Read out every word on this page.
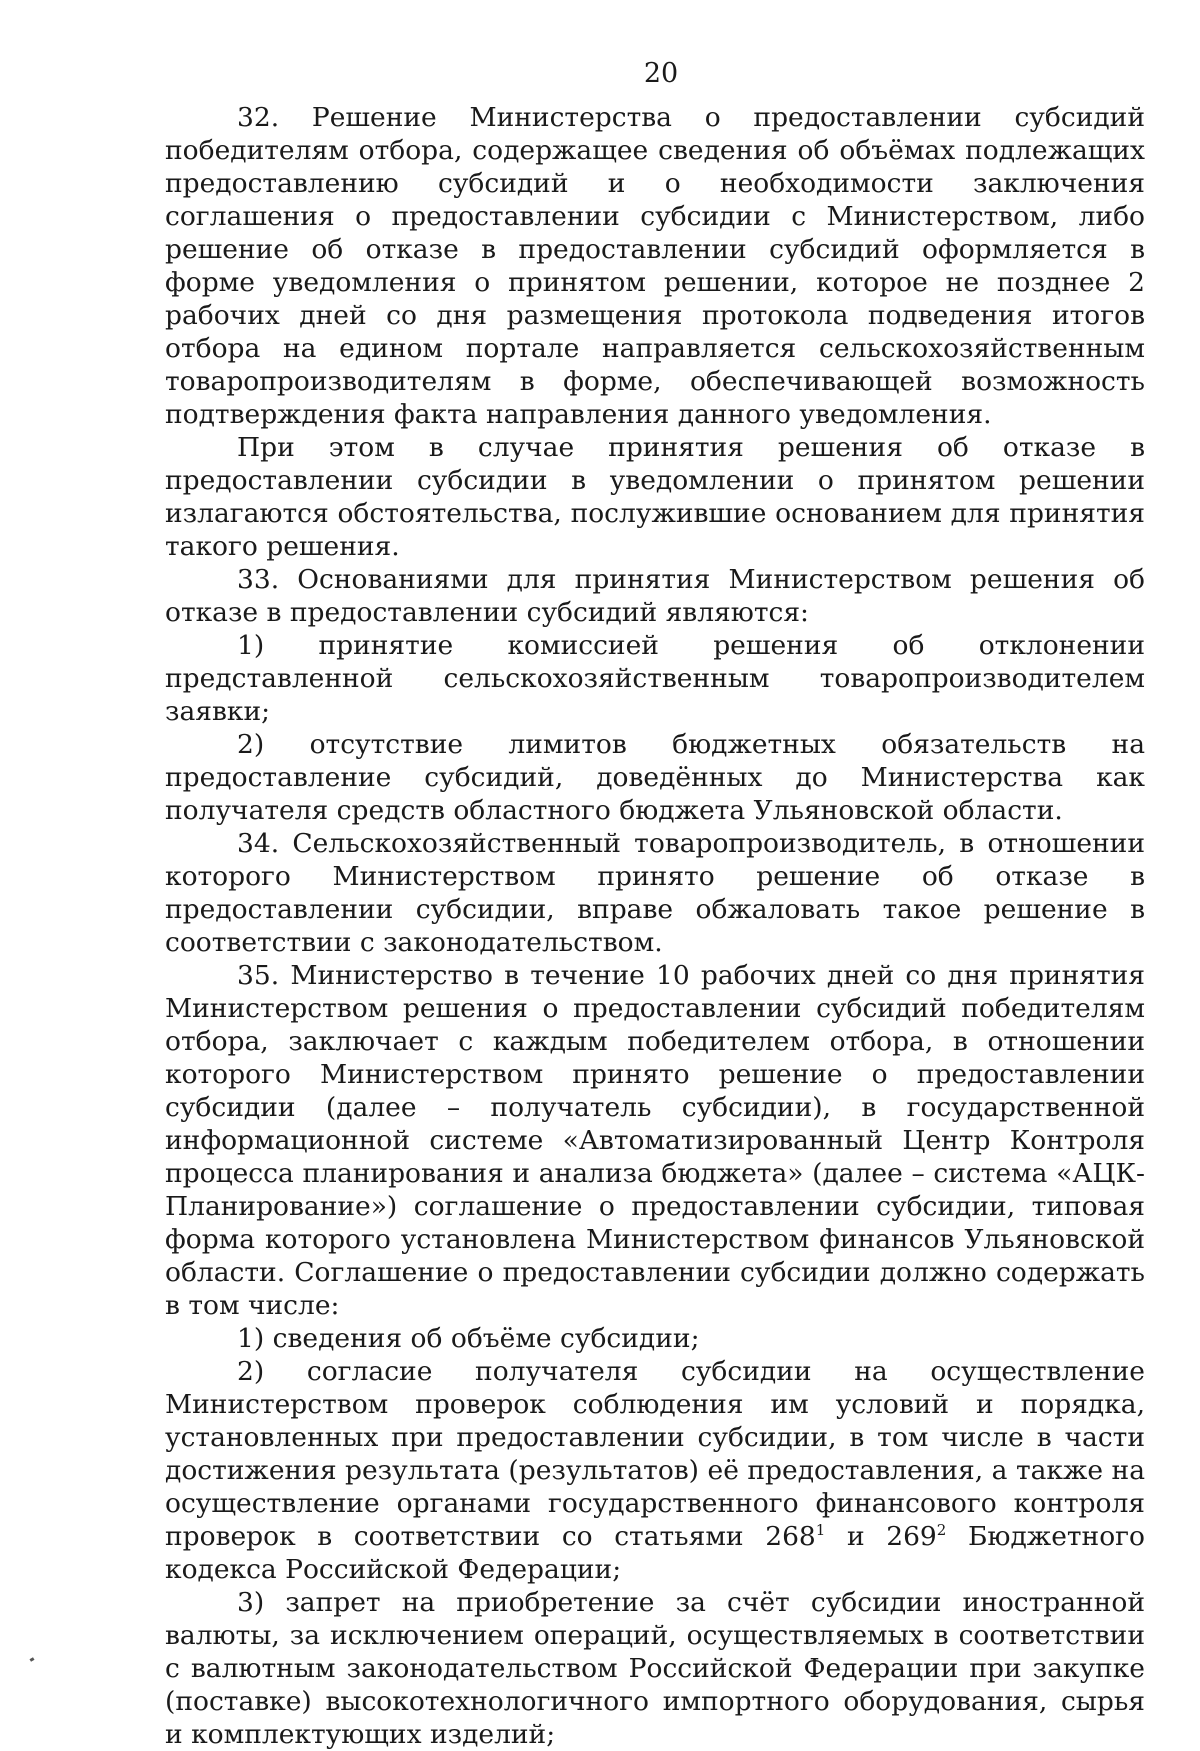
20

32. Решение Министерства о предоставлении субсидий победителям отбора, содержащее сведения об объёмах подлежащих предоставлению субсидий и о необходимости заключения соглашения о предоставлении субсидии с Министерством, либо решение об отказе в предоставлении субсидий оформляется в форме уведомления о принятом решении, которое не позднее 2 рабочих дней со дня размещения протокола подведения итогов отбора на едином портале направляется сельскохозяйственным товаропроизводителям в форме, обеспечивающей возможность подтверждения факта направления данного уведомления.

При этом в случае принятия решения об отказе в предоставлении субсидии в уведомлении о принятом решении излагаются обстоятельства, послужившие основанием для принятия такого решения.

33. Основаниями для принятия Министерством решения об отказе в предоставлении субсидий являются:

1) принятие комиссией решения об отклонении представленной сельскохозяйственным товаропроизводителем заявки;

2) отсутствие лимитов бюджетных обязательств на предоставление субсидий, доведённых до Министерства как получателя средств областного бюджета Ульяновской области.

34. Сельскохозяйственный товаропроизводитель, в отношении которого Министерством принято решение об отказе в предоставлении субсидии, вправе обжаловать такое решение в соответствии с законодательством.

35. Министерство в течение 10 рабочих дней со дня принятия Министерством решения о предоставлении субсидий победителям отбора, заключает с каждым победителем отбора, в отношении которого Министерством принято решение о предоставлении субсидии (далее – получатель субсидии), в государственной информационной системе «Автоматизированный Центр Контроля процесса планирования и анализа бюджета» (далее – система «АЦК-Планирование») соглашение о предоставлении субсидии, типовая форма которого установлена Министерством финансов Ульяновской области. Соглашение о предоставлении субсидии должно содержать в том числе:

1) сведения об объёме субсидии;

2) согласие получателя субсидии на осуществление Министерством проверок соблюдения им условий и порядка, установленных при предоставлении субсидии, в том числе в части достижения результата (результатов) её предоставления, а также на осуществление органами государственного финансового контроля проверок в соответствии со статьями $268^1$ и $269^2$ Бюджетного кодекса Российской Федерации;

3) запрет на приобретение за счёт субсидии иностранной валюты, за исключением операций, осуществляемых в соответствии с валютным законодательством Российской Федерации при закупке (поставке) высокотехнологичного импортного оборудования, сырья и комплектующих изделий;
